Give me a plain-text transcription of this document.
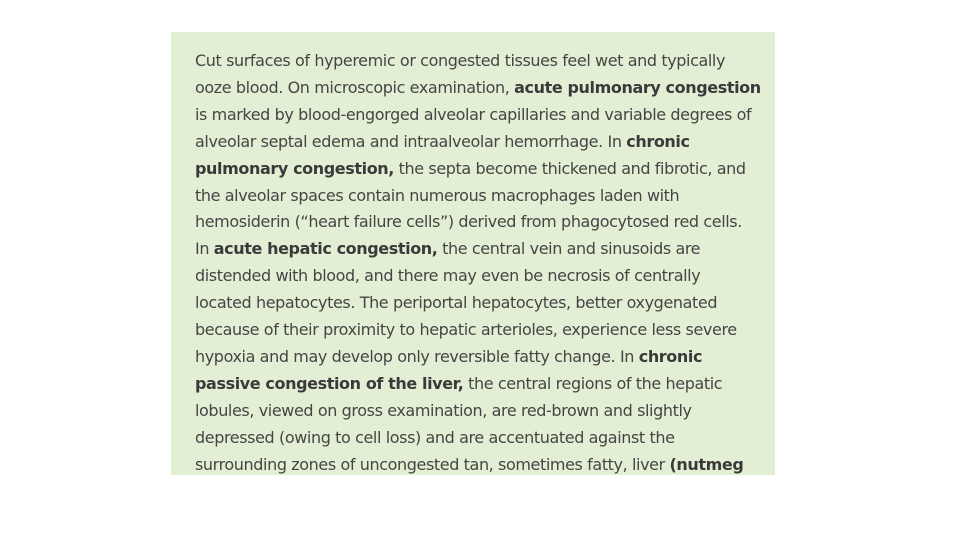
Cut surfaces of hyperemic or congested tissues feel wet and typically
ooze blood. On microscopic examination, acute pulmonary congestion
is marked by blood-engorged alveolar capillaries and variable degrees of
alveolar septal edema and intraalveolar hemorrhage. In chronic
pulmonary congestion, the septa become thickened and fibrotic, and
the alveolar spaces contain numerous macrophages laden with
hemosiderin (“heart failure cells”) derived from phagocytosed red cells.
In acute hepatic congestion, the central vein and sinusoids are
distended with blood, and there may even be necrosis of centrally
located hepatocytes. The periportal hepatocytes, better oxygenated
because of their proximity to hepatic arterioles, experience less severe
hypoxia and may develop only reversible fatty change. In chronic
passive congestion of the liver, the central regions of the hepatic
lobules, viewed on gross examination, are red-brown and slightly
depressed (owing to cell loss) and are accentuated against the
surrounding zones of uncongested tan, sometimes fatty, liver (nutmeg
